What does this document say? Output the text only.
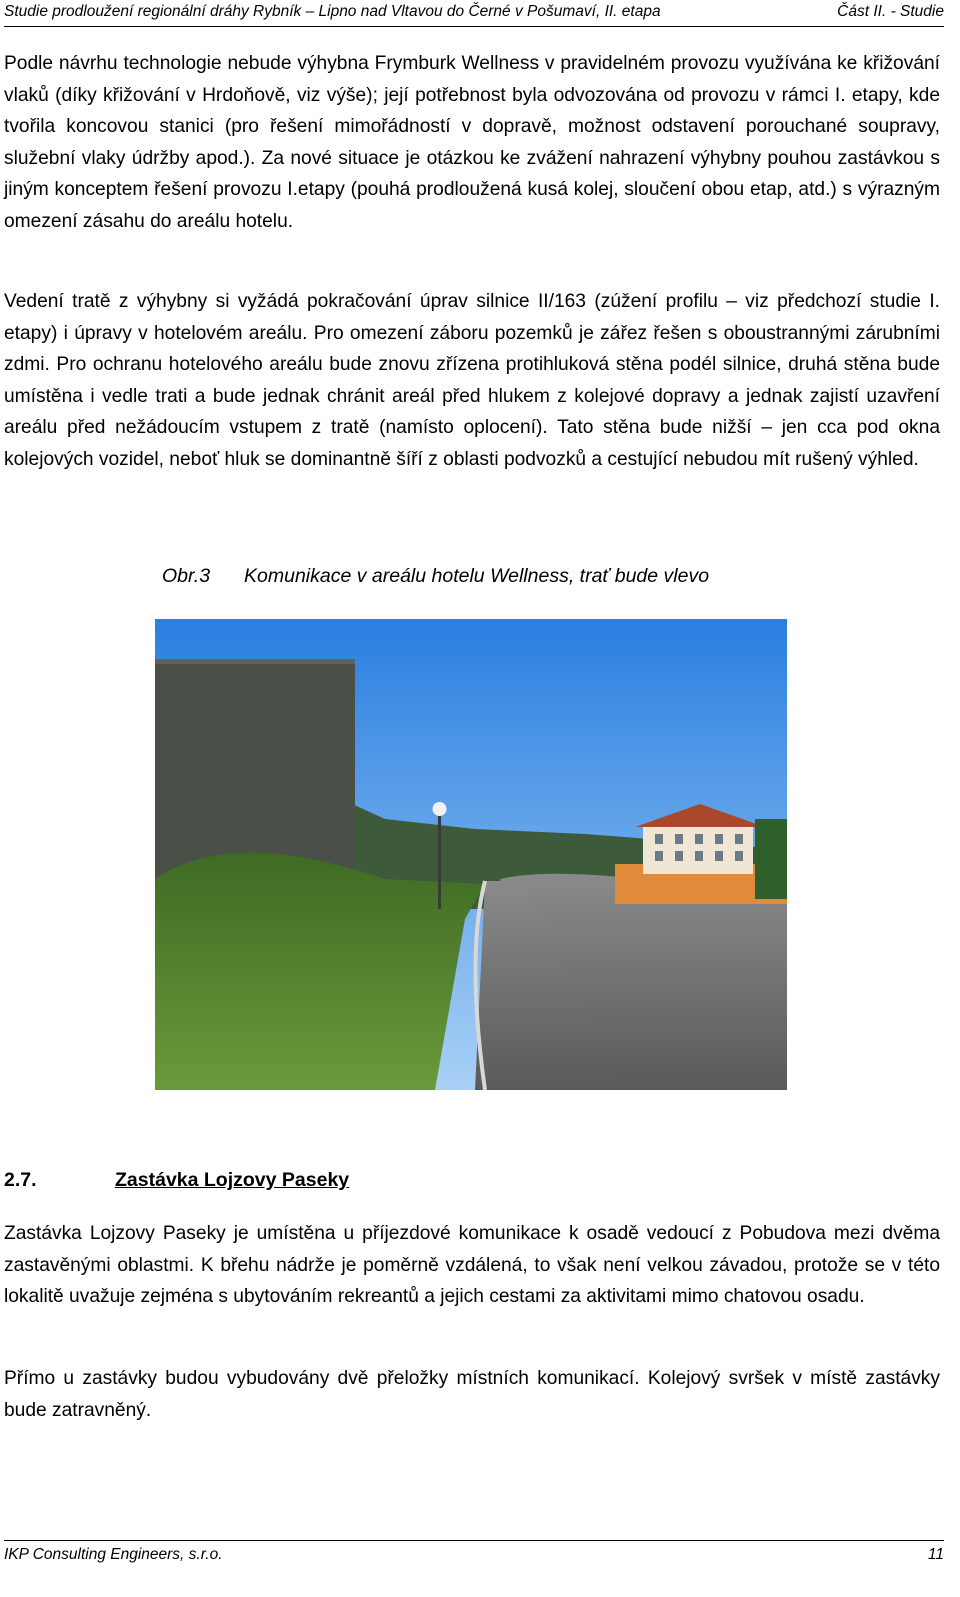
Studie prodloužení regionální dráhy Rybník – Lipno nad Vltavou do Černé v Pošumaví, II. etapa	Část II. - Studie

Podle návrhu technologie nebude výhybna Frymburk Wellness v pravidelném provozu využívána ke křižování vlaků (díky křižování v Hrdoňově, viz výše); její potřebnost byla odvozována od provozu v rámci I. etapy, kde tvořila koncovou stanici (pro řešení mimořádností v dopravě, možnost odstavení porouchané soupravy, služební vlaky údržby apod.). Za nové situace je otázkou ke zvážení nahrazení výhybny pouhou zastávkou s jiným konceptem řešení provozu I.etapy (pouhá prodloužená kusá kolej, sloučení obou etap, atd.) s výrazným omezení zásahu do areálu hotelu.

Vedení tratě z výhybny si vyžádá pokračování úprav silnice II/163 (zúžení profilu – viz předchozí studie I. etapy) i úpravy v hotelovém areálu. Pro omezení záboru pozemků je zářez řešen s oboustrannými zárubními zdmi. Pro ochranu hotelového areálu bude znovu zřízena protihluková stěna podél silnice, druhá stěna bude umístěna i vedle trati a bude jednak chránit areál před hlukem z kolejové dopravy a jednak zajistí uzavření areálu před nežádoucím vstupem z tratě (namísto oplocení). Tato stěna bude nižší – jen cca pod okna kolejových vozidel, neboť hluk se dominantně šíří z oblasti podvozků a cestující nebudou mít rušený výhled.

Obr.3 Komunikace v areálu hotelu Wellness, trať bude vlevo
2.7.	Zastávka Lojzovy Paseky

Zastávka Lojzovy Paseky je umístěna u příjezdové komunikace k osadě vedoucí z Pobudova mezi dvěma zastavěnými oblastmi. K břehu nádrže je poměrně vzdálená, to však není velkou závadou, protože se v této lokalitě uvažuje zejména s ubytováním rekreantů a jejich cestami za aktivitami mimo chatovou osadu.

Přímo u zastávky budou vybudovány dvě přeložky místních komunikací. Kolejový svršek v místě zastávky bude zatravněný.

IKP Consulting Engineers, s.r.o.	11
